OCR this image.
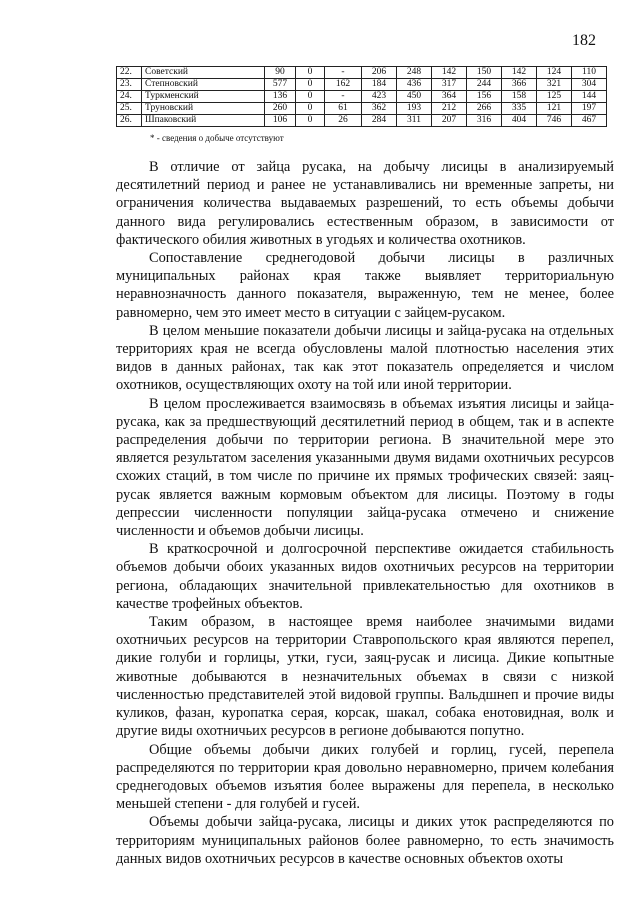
182
22.	Советский	90	0	-	206	248	142	150	142	124	110
23.	Степновский	577	0	162	184	436	317	244	366	321	304
24.	Туркменский	136	0	-	423	450	364	156	158	125	144
25.	Труновский	260	0	61	362	193	212	266	335	121	197
26.	Шпаковский	106	0	26	284	311	207	316	404	746	467
* - сведения о добыче отсутствуют

В отличие от зайца русака, на добычу лисицы в анализируемый десятилетний период и ранее не устанавливались ни временные запреты, ни ограничения количества выдаваемых разрешений, то есть объемы добычи данного вида регулировались естественным образом, в зависимости от фактического обилия животных в угодьях и количества охотников.

Сопоставление среднегодовой добычи лисицы в различных муниципальных районах края также выявляет территориальную неравнозначность данного показателя, выраженную, тем не менее, более равномерно, чем это имеет место в ситуации с зайцем-русаком.

В целом меньшие показатели добычи лисицы и зайца-русака на отдельных территориях края не всегда обусловлены малой плотностью населения этих видов в данных районах, так как этот показатель определяется и числом охотников, осуществляющих охоту на той или иной территории.

В целом прослеживается взаимосвязь в объемах изъятия лисицы и зайца-русака, как за предшествующий десятилетний период в общем, так и в аспекте распределения добычи по территории региона. В значительной мере это является результатом заселения указанными двумя видами охотничьих ресурсов схожих стаций, в том числе по причине их прямых трофических связей: заяц-русак является важным кормовым объектом для лисицы. Поэтому в годы депрессии численности популяции зайца-русака отмечено и снижение численности и объемов добычи лисицы.

В краткосрочной и долгосрочной перспективе ожидается стабильность объемов добычи обоих указанных видов охотничьих ресурсов на территории региона, обладающих значительной привлекательностью для охотников в качестве трофейных объектов.

Таким образом, в настоящее время наиболее значимыми видами охотничьих ресурсов на территории Ставропольского края являются перепел, дикие голуби и горлицы, утки, гуси, заяц-русак и лисица. Дикие копытные животные добываются в незначительных объемах в связи с низкой численностью представителей этой видовой группы. Вальдшнеп и прочие виды куликов, фазан, куропатка серая, корсак, шакал, собака енотовидная, волк и другие виды охотничьих ресурсов в регионе добываются попутно.

Общие объемы добычи диких голубей и горлиц, гусей, перепела распределяются по территории края довольно неравномерно, причем колебания среднегодовых объемов изъятия более выражены для перепела, в несколько меньшей степени - для голубей и гусей.

Объемы добычи зайца-русака, лисицы и диких уток распределяются по территориям муниципальных районов более равномерно, то есть значимость данных видов охотничьих ресурсов в качестве основных объектов охоты
